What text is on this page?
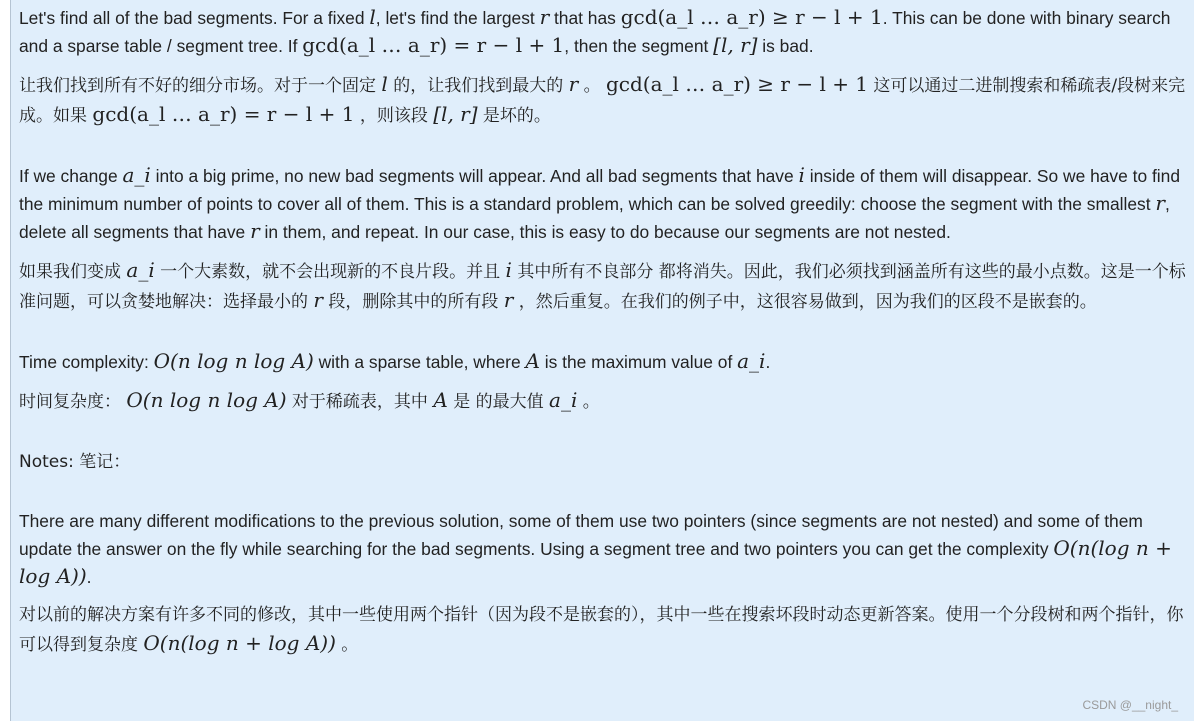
Let's find all of the bad segments. For a fixed l, let's find the largest r that has gcd(a_l … a_r) ≥ r − l + 1. This can be done with binary search and a sparse table / segment tree. If gcd(a_l … a_r) = r − l + 1, then the segment [l, r] is bad.

让我们找到所有不好的细分市场。对于一个固定 l 的，让我们找到最大的 r 。 gcd(a_l … a_r) ≥ r − l + 1 这可以通过二进制搜索和稀疏表/段树来完成。如果 gcd(a_l … a_r) = r − l + 1 ，则该段 [l, r] 是坏的。

If we change a_i into a big prime, no new bad segments will appear. And all bad segments that have i inside of them will disappear. So we have to find the minimum number of points to cover all of them. This is a standard problem, which can be solved greedily: choose the segment with the smallest r, delete all segments that have r in them, and repeat. In our case, this is easy to do because our segments are not nested.

如果我们变成 a_i 一个大素数，就不会出现新的不良片段。并且 i 其中所有不良部分 都将消失。因此，我们必须找到涵盖所有这些的最小点数。这是一个标准问题，可以贪婪地解决：选择最小的 r 段，删除其中的所有段 r ，然后重复。在我们的例子中，这很容易做到，因为我们的区段不是嵌套的。

Time complexity: O(n log n log A) with a sparse table, where A is the maximum value of a_i.

时间复杂度： O(n log n log A) 对于稀疏表，其中 A 是 的最大值 a_i 。

Notes: 笔记：

There are many different modifications to the previous solution, some of them use two pointers (since segments are not nested) and some of them update the answer on the fly while searching for the bad segments. Using a segment tree and two pointers you can get the complexity O(n(log n + log A)).

对以前的解决方案有许多不同的修改，其中一些使用两个指针（因为段不是嵌套的），其中一些在搜索坏段时动态更新答案。使用一个分段树和两个指针，你可以得到复杂度 O(n(log n + log A)) 。

CSDN @__night_
